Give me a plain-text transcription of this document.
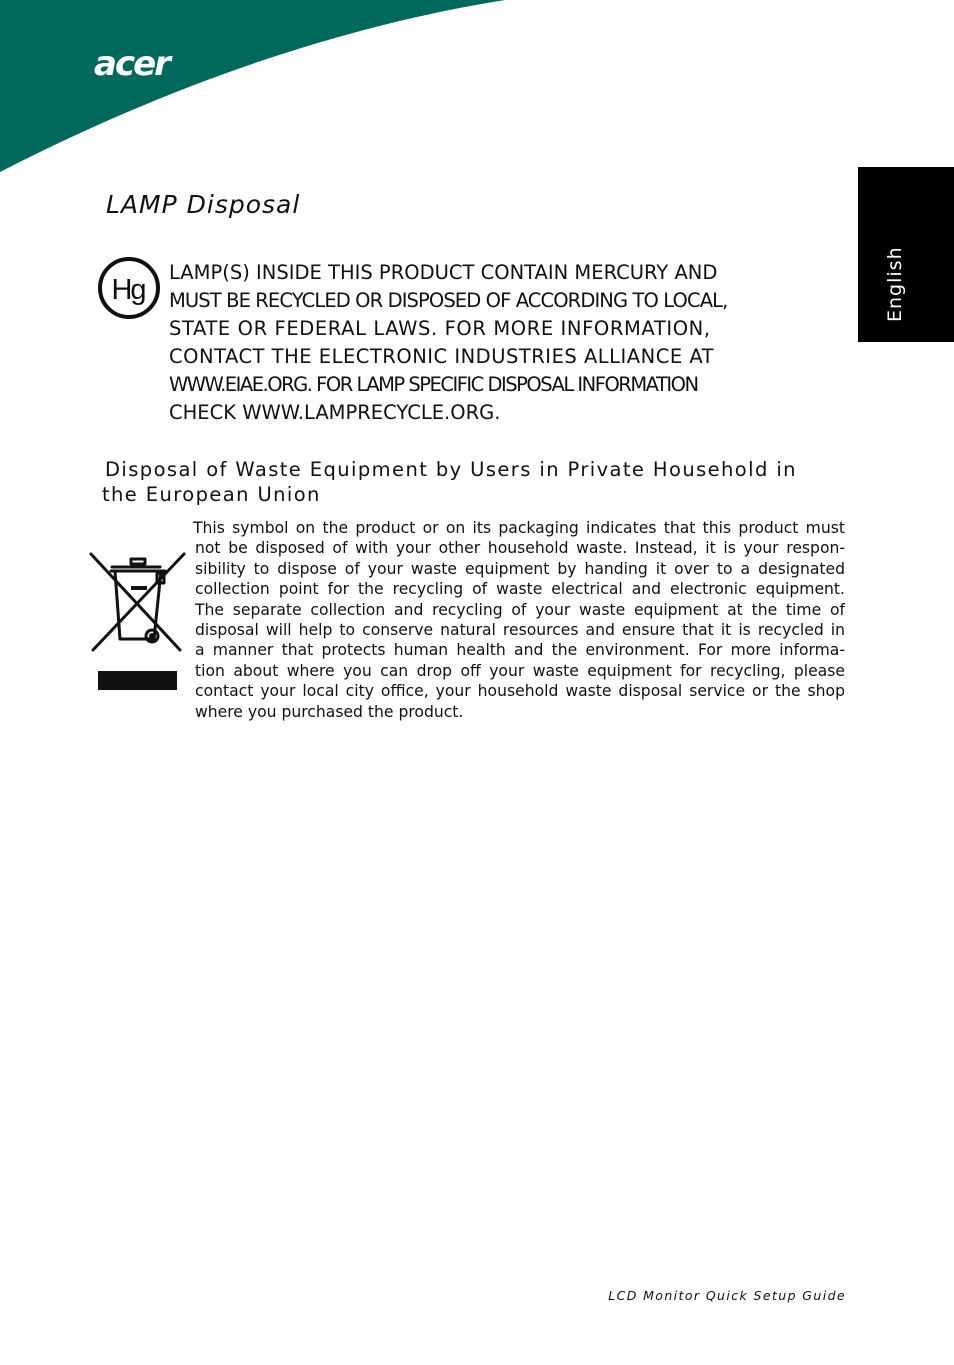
acer
English
LAMP Disposal
Hg
LAMP(S) INSIDE THIS PRODUCT CONTAIN MERCURY AND
MUST BE RECYCLED OR DISPOSED OF ACCORDING TO LOCAL,
STATE OR FEDERAL LAWS. FOR MORE INFORMATION,
CONTACT THE ELECTRONIC INDUSTRIES ALLIANCE AT
WWW.EIAE.ORG. FOR LAMP SPECIFIC DISPOSAL INFORMATION
CHECK WWW.LAMPRECYCLE.ORG.
Disposal of Waste Equipment by Users in Private Household in
the European Union
This symbol on the product or on its packaging indicates that this product must
not be disposed of with your other household waste. Instead, it is your respon-
sibility to dispose of your waste equipment by handing it over to a designated
collection point for the recycling of waste electrical and electronic equipment.
The separate collection and recycling of your waste equipment at the time of
disposal will help to conserve natural resources and ensure that it is recycled in
a manner that protects human health and the environment. For more informa-
tion about where you can drop off your waste equipment for recycling, please
contact your local city office, your household waste disposal service or the shop
where you purchased the product.
LCD Monitor Quick Setup Guide
